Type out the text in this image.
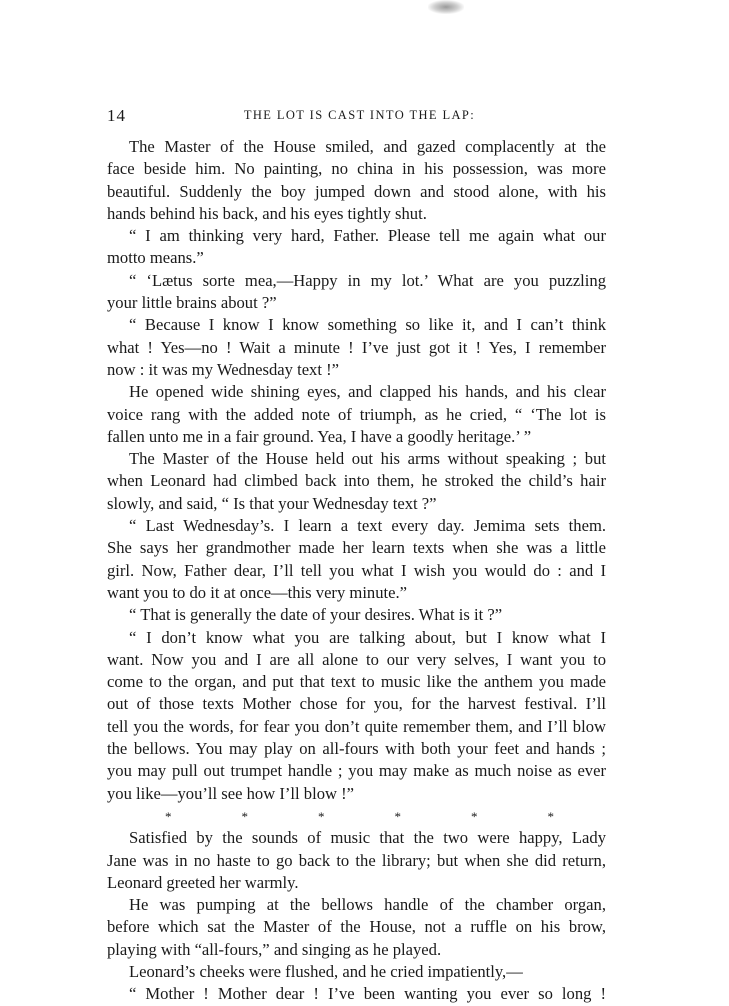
14	THE LOT IS CAST INTO THE LAP:
The Master of the House smiled, and gazed complacently at the
face beside him. No painting, no china in his possession, was more
beautiful. Suddenly the boy jumped down and stood alone, with his
hands behind his back, and his eyes tightly shut.
“ I am thinking very hard, Father. Please tell me again what our
motto means.”
“ ‘Lætus sorte mea,—Happy in my lot.’ What are you puzzling
your little brains about ?”
“ Because I know I know something so like it, and I can’t think
what ! Yes—no ! Wait a minute ! I’ve just got it ! Yes, I remember
now : it was my Wednesday text !”
He opened wide shining eyes, and clapped his hands, and his clear
voice rang with the added note of triumph, as he cried, “ ‘The lot is
fallen unto me in a fair ground. Yea, I have a goodly heritage.’ ”
The Master of the House held out his arms without speaking ; but
when Leonard had climbed back into them, he stroked the child’s hair
slowly, and said, “ Is that your Wednesday text ?”
“ Last Wednesday’s. I learn a text every day. Jemima sets them.
She says her grandmother made her learn texts when she was a little
girl. Now, Father dear, I’ll tell you what I wish you would do : and I
want you to do it at once—this very minute.”
“ That is generally the date of your desires. What is it ?”
“ I don’t know what you are talking about, but I know what I
want. Now you and I are all alone to our very selves, I want you to
come to the organ, and put that text to music like the anthem you made
out of those texts Mother chose for you, for the harvest festival. I’ll
tell you the words, for fear you don’t quite remember them, and I’ll blow
the bellows. You may play on all-fours with both your feet and hands ;
you may pull out trumpet handle ; you may make as much noise as ever
you like—you’ll see how I’ll blow !”
*	*	*	*	*	*
Satisfied by the sounds of music that the two were happy, Lady
Jane was in no haste to go back to the library; but when she did return,
Leonard greeted her warmly.
He was pumping at the bellows handle of the chamber organ,
before which sat the Master of the House, not a ruffle on his brow,
playing with “all-fours,” and singing as he played.
Leonard’s cheeks were flushed, and he cried impatiently,—
“ Mother ! Mother dear ! I’ve been wanting you ever so long !
